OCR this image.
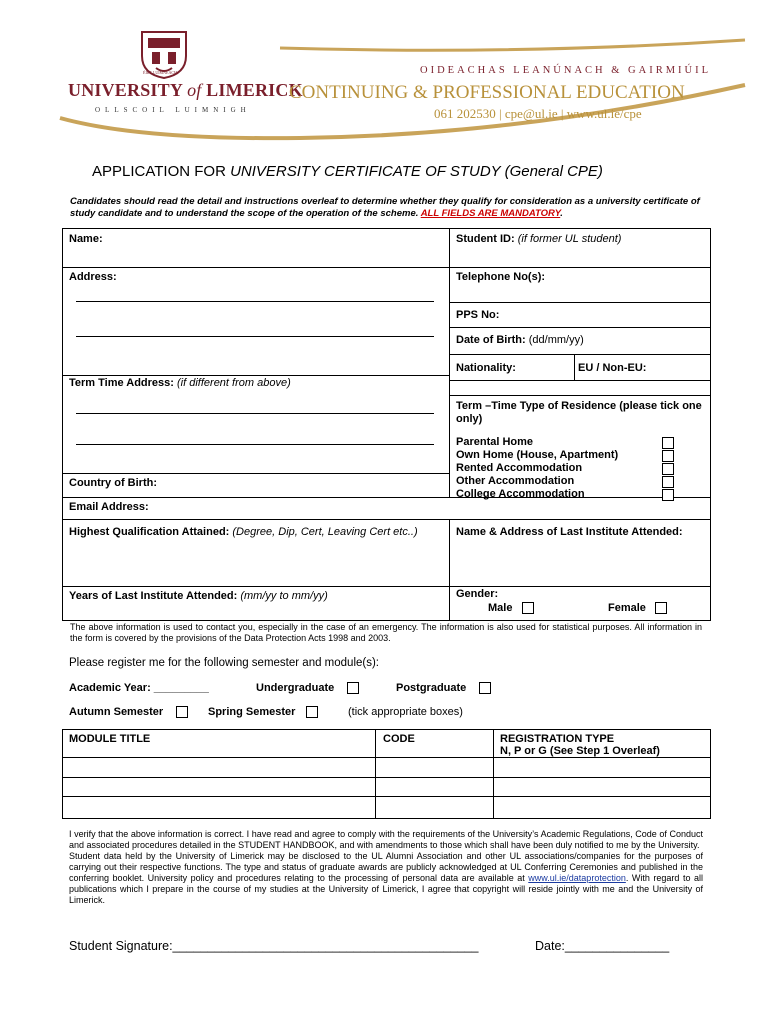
ÉIRE LUIMNEACH
UNIVERSITY of LIMERICK
OLLSCOIL LUIMNIGH
OIDEACHAS LEANÚNACH & GAIRMIÚIL
CONTINUING & PROFESSIONAL EDUCATION
061 202530 | cpe@ul.ie | www.ul.ie/cpe
APPLICATION FOR UNIVERSITY CERTIFICATE OF STUDY (General CPE)
Candidates should read the detail and instructions overleaf to determine whether they qualify for consideration as a university certificate of study candidate and to understand the scope of the operation of the scheme. ALL FIELDS ARE MANDATORY.
Name:	Student ID: (if former UL student)
Address:	Telephone No(s):
PPS No:
Date of Birth: (dd/mm/yy)
Nationality:	EU / Non-EU:
Term Time Address: (if different from above)
Term –Time Type of Residence (please tick one only)
Parental Home
Own Home (House, Apartment)
Rented Accommodation
Other Accommodation
College Accommodation
Country of Birth:
Email Address:
Highest Qualification Attained: (Degree, Dip, Cert, Leaving Cert etc..)	Name & Address of Last Institute Attended:
Years of Last Institute Attended: (mm/yy to mm/yy)	Gender:
Male	Female
The above information is used to contact you, especially in the case of an emergency. The information is also used for statistical purposes. All information in the form is covered by the provisions of the Data Protection Acts 1998 and 2003.
Please register me for the following semester and module(s):
Academic Year: _________	Undergraduate	Postgraduate
Autumn Semester	Spring Semester	(tick appropriate boxes)
MODULE TITLE	CODE	REGISTRATION TYPE
N, P or G (See Step 1 Overleaf)
I verify that the above information is correct. I have read and agree to comply with the requirements of the University’s Academic Regulations, Code of Conduct and associated procedures detailed in the STUDENT HANDBOOK, and with amendments to those which shall have been duly notified to me by the University.
Student data held by the University of Limerick may be disclosed to the UL Alumni Association and other UL associations/companies for the purposes of carrying out their respective functions. The type and status of graduate awards are publicly acknowledged at UL Conferring Ceremonies and published in the conferring booklet. University policy and procedures relating to the processing of personal data are available at www.ul.ie/dataprotection. With regard to all publications which I prepare in the course of my studies at the University of Limerick, I agree that copyright will reside jointly with me and the University of Limerick.
Student Signature:____________________________________________	Date:_______________
